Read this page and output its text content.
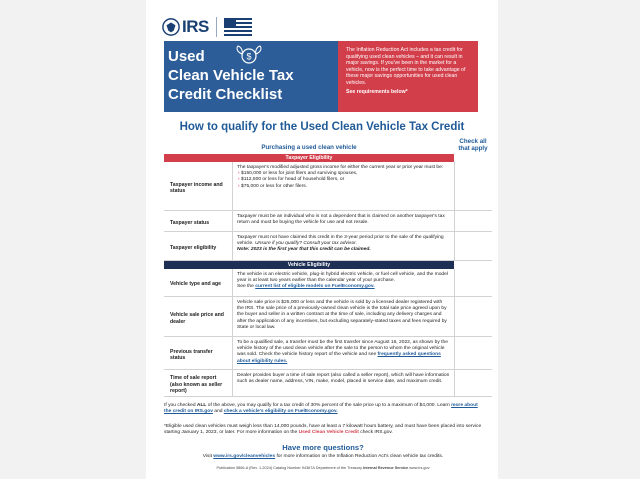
IRS
$
Used
Clean Vehicle Tax
Credit Checklist
The Inflation Reduction Act includes a tax credit for qualifying used clean vehicles – and it can result in major savings. If you've been in the market for a vehicle, now is the perfect time to take advantage of these major savings opportunities for used clean vehicles.
See requirements below*
How to qualify for the Used Clean Vehicle Tax Credit
Purchasing a used clean vehicle
Check all that apply
Taxpayer Eligibility
Taxpayer income and status
The taxpayer's modified adjusted gross income for either the current year or prior year must be:
› $150,000 or less for joint filers and surviving spouses,
› $112,500 or less for head of household filers, or
› $75,000 or less for other filers.
Taxpayer status
Taxpayer must be an individual who is not a dependent that is claimed on another taxpayer's tax return and must be buying the vehicle for use and not resale.
Taxpayer eligibility
Taxpayer must not have claimed this credit in the 3-year period prior to the sale of the qualifying vehicle. Unsure if you qualify? Consult your tax advisor.
Note: 2023 is the first year that this credit can be claimed.
Vehicle Eligibility
Vehicle type and age
The vehicle is an electric vehicle, plug-in hybrid electric vehicle, or fuel cell vehicle, and the model year is at least two years earlier than the calendar year of your purchase.
See the current list of eligible models on FuelEconomy.gov.
Vehicle sale price and dealer
Vehicle sale price is $25,000 or less and the vehicle is sold by a licensed dealer registered with the IRS. The sale price of a previously-owned clean vehicle is the total sale price agreed upon by the buyer and seller in a written contract at the time of sale, including any delivery charges and after the application of any incentives, but excluding separately-stated taxes and fees required by State or local law.
Previous transfer status
To be a qualified sale, a transfer must be the first transfer since August 16, 2022, as shown by the vehicle history of the used clean vehicle after the sale to the person to whom the original vehicle was sold. Check the vehicle history report of the vehicle and see frequently asked questions about eligibility rules.
Time of sale report (also known as seller report)
Dealer provides buyer a time of sale report (also called a seller report), which will have information such as dealer name, address, VIN, make, model, placed in service date, and maximum credit.
If you checked ALL of the above, you may qualify for a tax credit of 30% percent of the sale price up to a maximum of $4,000. Learn more about the credit on IRS.gov and check a vehicle's eligibility on FuelEconomy.gov.
*Eligible used clean vehicles must weigh less than 14,000 pounds, have at least a 7 kilowatt hours battery, and must have been placed into service starting January 1, 2023, or later. For more information on the Used Clean Vehicle Credit check IRS.gov.
Have more questions?
Visit www.irs.gov/cleanvehicles for more information on the Inflation Reduction Act's clean vehicle tax credits.
Publication 5866-A (Rev. 1-2024) Catalog Number 94367A Department of the Treasury Internal Revenue Service www.irs.gov
